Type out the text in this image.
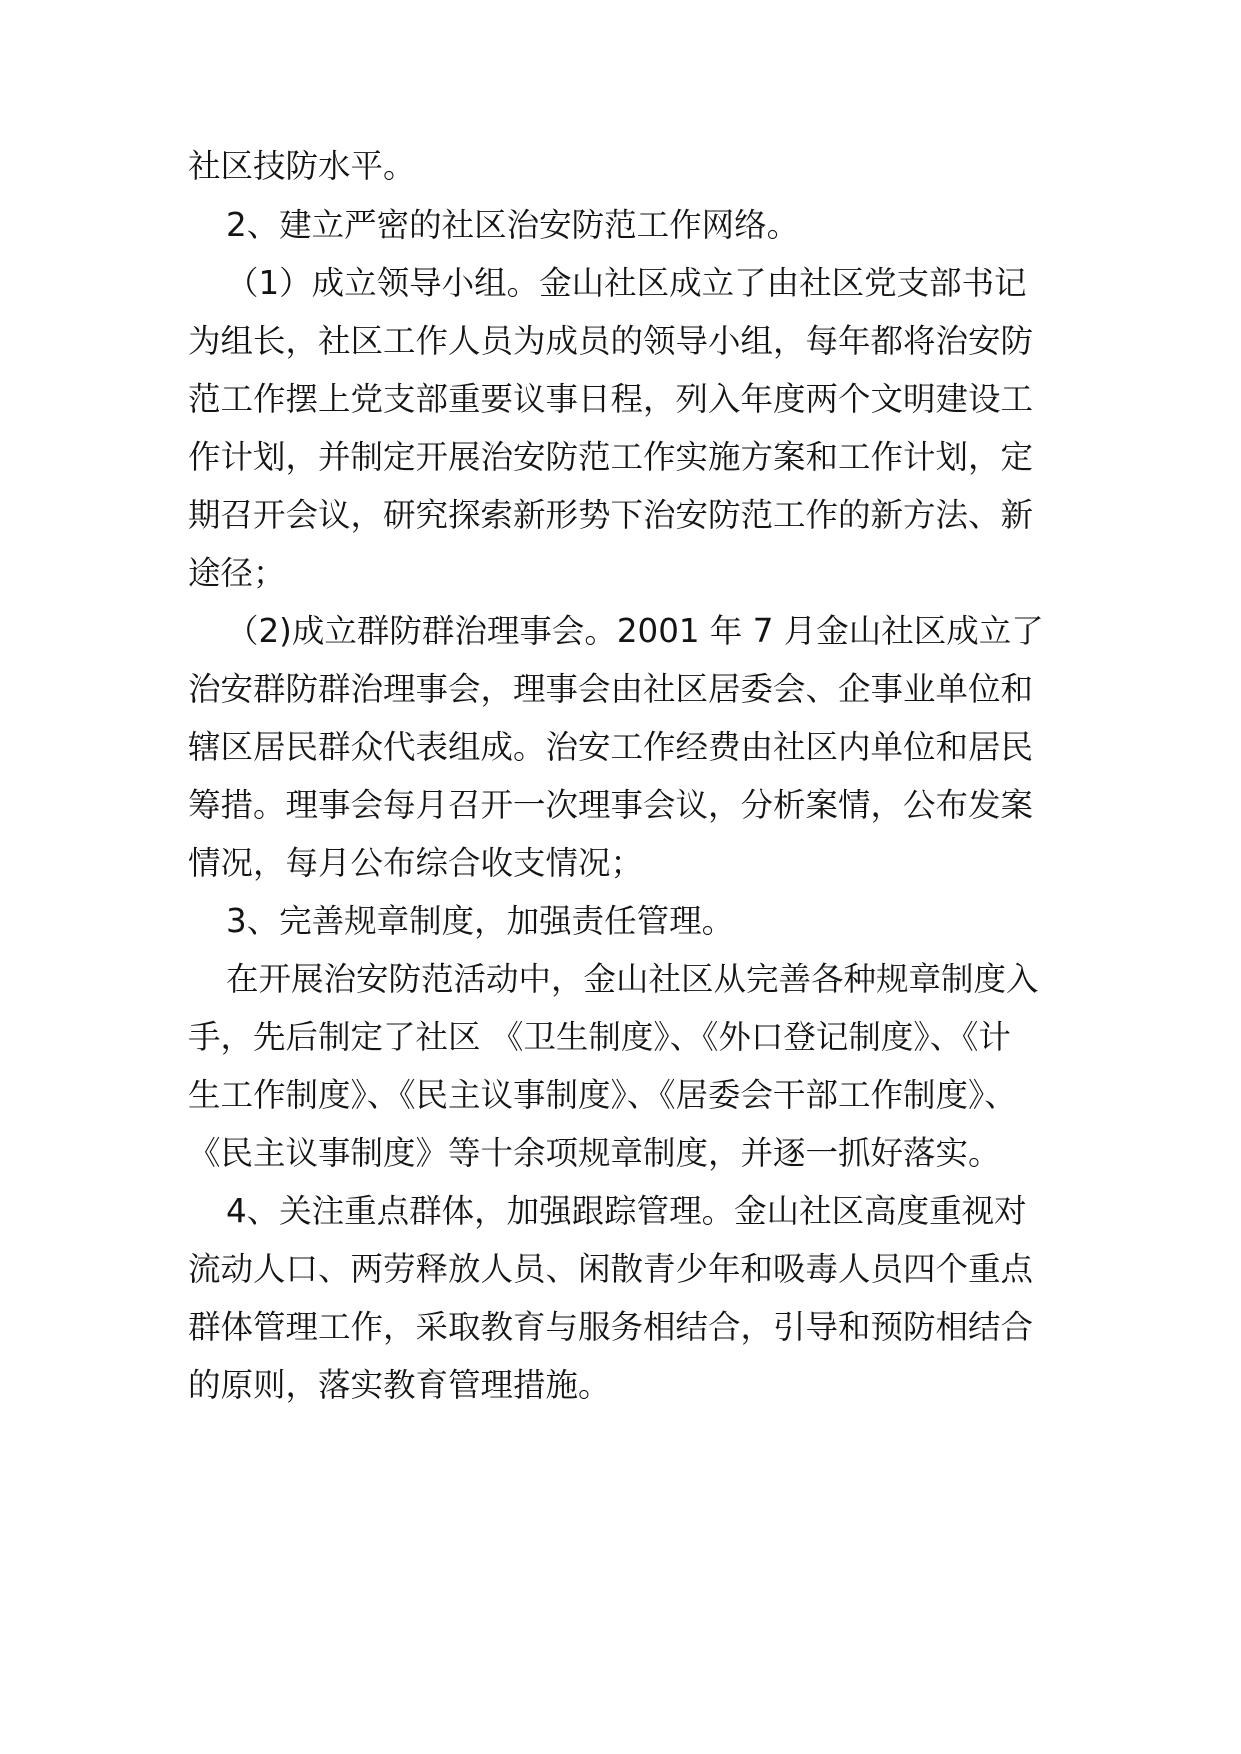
社区技防水平。
2、建立严密的社区治安防范工作网络。
（1）成立领导小组。金山社区成立了由社区党支部书记
为组长，社区工作人员为成员的领导小组，每年都将治安防
范工作摆上党支部重要议事日程，列入年度两个文明建设工
作计划，并制定开展治安防范工作实施方案和工作计划，定
期召开会议，研究探索新形势下治安防范工作的新方法、新
途径；
（2)成立群防群治理事会。2001 年 7 月金山社区成立了
治安群防群治理事会，理事会由社区居委会、企事业单位和
辖区居民群众代表组成。治安工作经费由社区内单位和居民
筹措。理事会每月召开一次理事会议，分析案情，公布发案
情况，每月公布综合收支情况；
3、完善规章制度，加强责任管理。
在开展治安防范活动中，金山社区从完善各种规章制度入
手，先后制定了社区 《卫生制度》、《外口登记制度》、《计
生工作制度》、《民主议事制度》、《居委会干部工作制度》、
《民主议事制度》等十余项规章制度，并逐一抓好落实。
4、关注重点群体，加强跟踪管理。金山社区高度重视对
流动人口、两劳释放人员、闲散青少年和吸毒人员四个重点
群体管理工作，采取教育与服务相结合，引导和预防相结合
的原则，落实教育管理措施。
